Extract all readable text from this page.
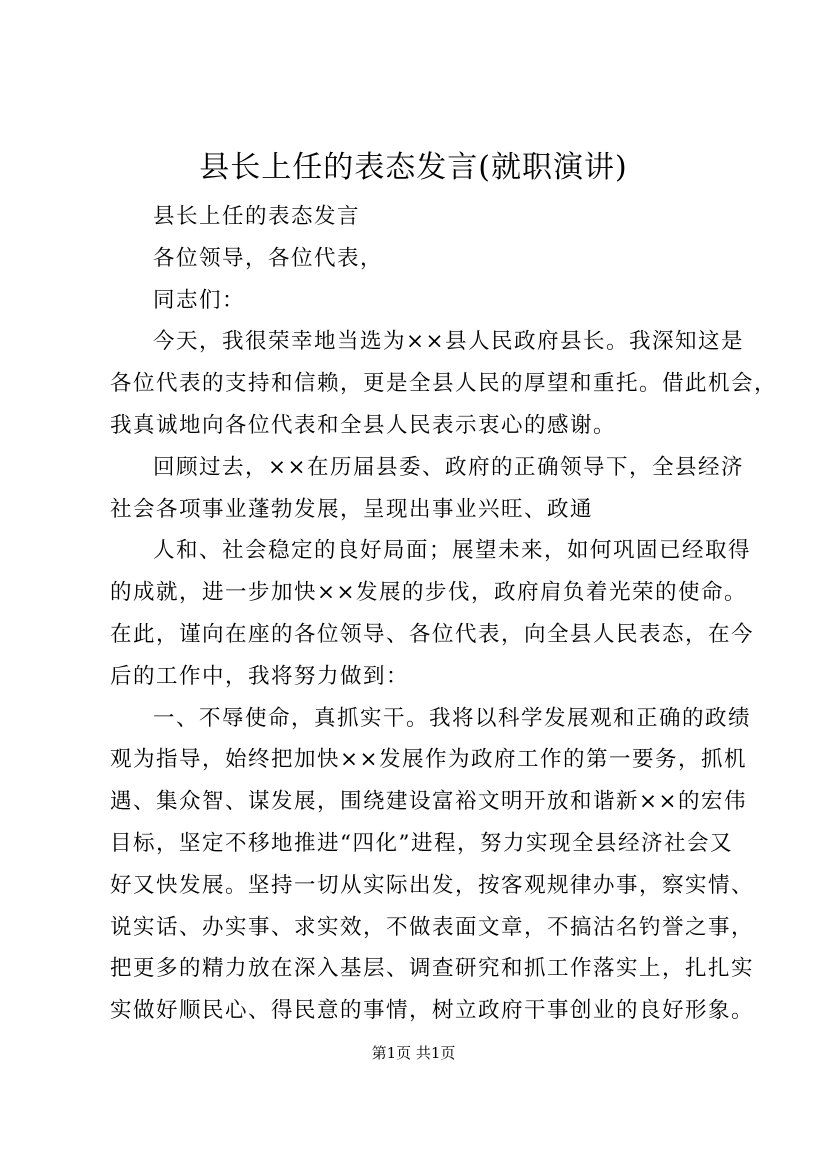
县长上任的表态发言(就职演讲)
县长上任的表态发言
各位领导，各位代表，
同志们：
今天，我很荣幸地当选为××县人民政府县长。我深知这是
各位代表的支持和信赖，更是全县人民的厚望和重托。借此机会，
我真诚地向各位代表和全县人民表示衷心的感谢。
回顾过去，××在历届县委、政府的正确领导下，全县经济
社会各项事业蓬勃发展，呈现出事业兴旺、政通
人和、社会稳定的良好局面；展望未来，如何巩固已经取得
的成就，进一步加快××发展的步伐，政府肩负着光荣的使命。
在此，谨向在座的各位领导、各位代表，向全县人民表态，在今
后的工作中，我将努力做到：
一、不辱使命，真抓实干。我将以科学发展观和正确的政绩
观为指导，始终把加快××发展作为政府工作的第一要务，抓机
遇、集众智、谋发展，围绕建设富裕文明开放和谐新××的宏伟
目标，坚定不移地推进“四化”进程，努力实现全县经济社会又
好又快发展。坚持一切从实际出发，按客观规律办事，察实情、
说实话、办实事、求实效，不做表面文章，不搞沽名钓誉之事，
把更多的精力放在深入基层、调查研究和抓工作落实上，扎扎实
实做好顺民心、得民意的事情，树立政府干事创业的良好形象。
第1页 共1页
